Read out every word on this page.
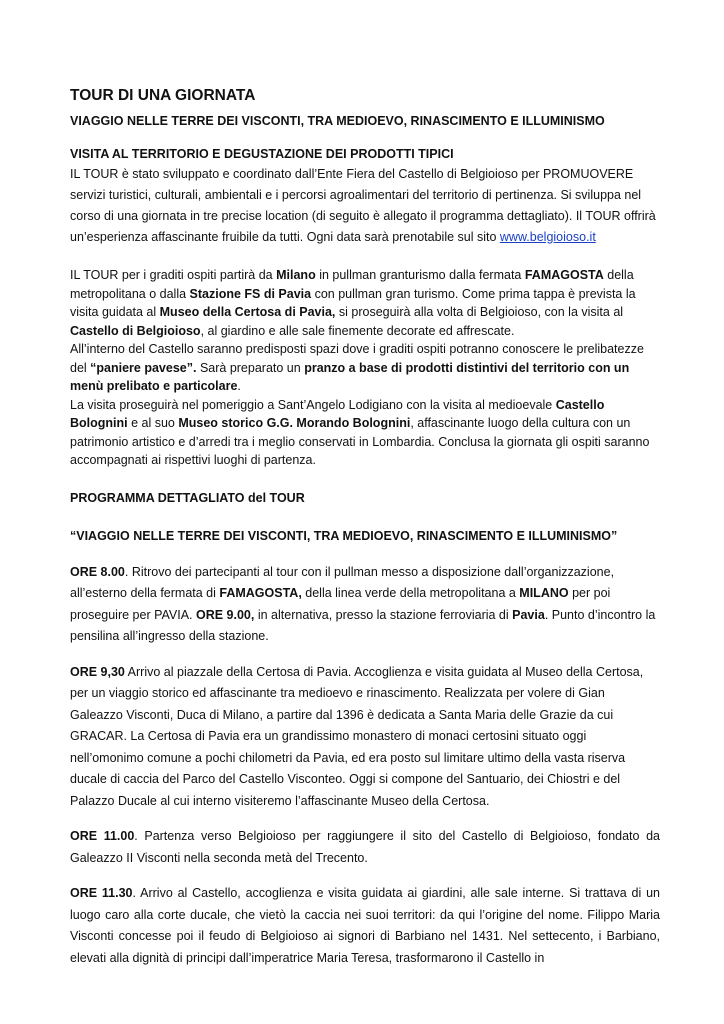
TOUR DI UNA GIORNATA
VIAGGIO NELLE TERRE DEI VISCONTI, TRA MEDIOEVO, RINASCIMENTO E ILLUMINISMO
VISITA AL TERRITORIO E DEGUSTAZIONE DEI PRODOTTI TIPICI

IL TOUR è stato sviluppato e coordinato dall’Ente Fiera del Castello di Belgioioso per PROMUOVERE servizi turistici, culturali, ambientali e i percorsi agroalimentari del territorio di pertinenza. Si sviluppa nel corso di una giornata in tre precise location (di seguito è allegato il programma dettagliato). Il TOUR offrirà un’esperienza affascinante fruibile da tutti. Ogni data sarà prenotabile sul sito www.belgioioso.it

IL TOUR per i graditi ospiti partirà da Milano in pullman granturismo dalla fermata FAMAGOSTA della metropolitana o dalla Stazione FS di Pavia con pullman gran turismo. Come prima tappa è prevista la visita guidata al Museo della Certosa di Pavia, si proseguirà alla volta di Belgioioso, con la visita al Castello di Belgioioso, al giardino e alle sale finemente decorate ed affrescate.

All’interno del Castello saranno predisposti spazi dove i graditi ospiti potranno conoscere le prelibatezze del “paniere pavese”. Sarà preparato un pranzo a base di prodotti distintivi del territorio con un menù prelibato e particolare.

La visita proseguirà nel pomeriggio a Sant’Angelo Lodigiano con la visita al medioevale Castello Bolognini e al suo Museo storico G.G. Morando Bolognini, affascinante luogo della cultura con un patrimonio artistico e d’arredi tra i meglio conservati in Lombardia. Conclusa la giornata gli ospiti saranno accompagnati ai rispettivi luoghi di partenza.

PROGRAMMA DETTAGLIATO del TOUR
“VIAGGIO NELLE TERRE DEI VISCONTI, TRA MEDIOEVO, RINASCIMENTO E ILLUMINISMO”

ORE 8.00. Ritrovo dei partecipanti al tour con il pullman messo a disposizione dall’organizzazione, all’esterno della fermata di FAMAGOSTA, della linea verde della metropolitana a MILANO per poi proseguire per PAVIA. ORE 9.00, in alternativa, presso la stazione ferroviaria di Pavia. Punto d’incontro la pensilina all’ingresso della stazione.

ORE 9,30 Arrivo al piazzale della Certosa di Pavia. Accoglienza e visita guidata al Museo della Certosa, per un viaggio storico ed affascinante tra medioevo e rinascimento. Realizzata per volere di Gian Galeazzo Visconti, Duca di Milano, a partire dal 1396 è dedicata a Santa Maria delle Grazie da cui GRACAR. La Certosa di Pavia era un grandissimo monastero di monaci certosini situato oggi nell’omonimo comune a pochi chilometri da Pavia, ed era posto sul limitare ultimo della vasta riserva ducale di caccia del Parco del Castello Visconteo. Oggi si compone del Santuario, dei Chiostri e del Palazzo Ducale al cui interno visiteremo l’affascinante Museo della Certosa.

ORE 11.00. Partenza verso Belgioioso per raggiungere il sito del Castello di Belgioioso, fondato da Galeazzo II Visconti nella seconda metà del Trecento.

ORE 11.30. Arrivo al Castello, accoglienza e visita guidata ai giardini, alle sale interne. Si trattava di un luogo caro alla corte ducale, che vietò la caccia nei suoi territori: da qui l’origine del nome. Filippo Maria Visconti concesse poi il feudo di Belgioioso ai signori di Barbiano nel 1431. Nel settecento, i Barbiano, elevati alla dignità di principi dall’imperatrice Maria Teresa, trasformarono il Castello in
